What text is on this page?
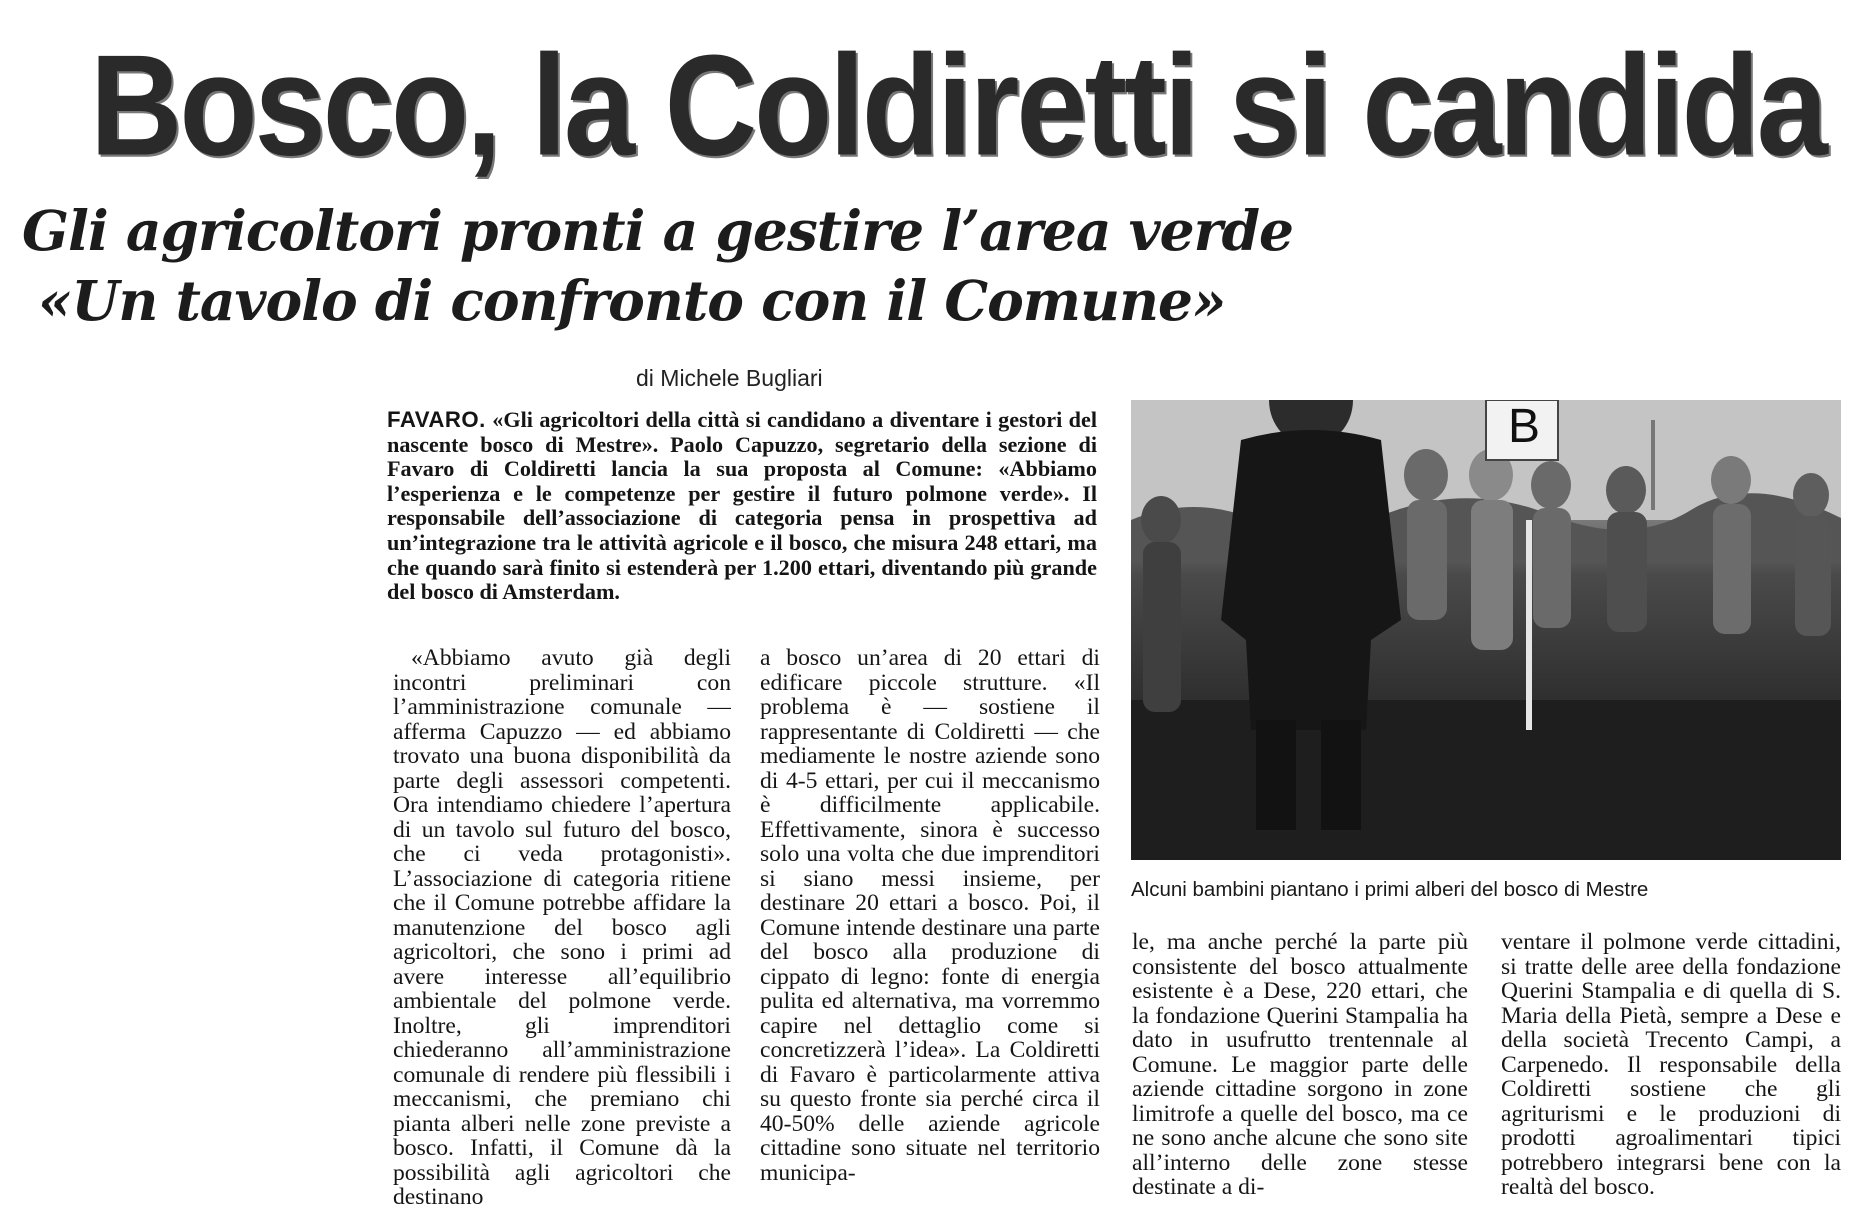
Bosco, la Coldiretti si candida
Gli agricoltori pronti a gestire l’area verde
«Un tavolo di confronto con il Comune»

di Michele Bugliari

FAVARO. «Gli agricoltori della città si candidano a diventare i gestori del nascente bosco di Mestre». Paolo Capuzzo, segretario della sezione di Favaro di Coldiretti lancia la sua proposta al Comune: «Abbiamo l’esperienza e le competenze per gestire il futuro polmone verde». Il responsabile dell’associazione di categoria pensa in prospettiva ad un’integrazione tra le attività agricole e il bosco, che misura 248 ettari, ma che quando sarà finito si estenderà per 1.200 ettari, diventando più grande del bosco di Amsterdam.

«Abbiamo avuto già degli incontri preliminari con l’amministrazione comunale — afferma Capuzzo — ed abbiamo trovato una buona disponibilità da parte degli assessori competenti. Ora intendiamo chiedere l’apertura di un tavolo sul futuro del bosco, che ci veda protagonisti». L’associazione di categoria ritiene che il Comune potrebbe affidare la manutenzione del bosco agli agricoltori, che sono i primi ad avere interesse all’equilibrio ambientale del polmone verde. Inoltre, gli imprenditori chiederanno all’amministrazione comunale di rendere più flessibili i meccanismi, che premiano chi pianta alberi nelle zone previste a bosco. Infatti, il Comune dà la possibilità agli agricoltori che destinano

a bosco un’area di 20 ettari di edificare piccole strutture. «Il problema è — sostiene il rappresentante di Coldiretti — che mediamente le nostre aziende sono di 4-5 ettari, per cui il meccanismo è difficilmente applicabile. Effettivamente, sinora è successo solo una volta che due imprenditori si siano messi insieme, per destinare 20 ettari a bosco. Poi, il Comune intende destinare una parte del bosco alla produzione di cippato di legno: fonte di energia pulita ed alternativa, ma vorremmo capire nel dettaglio come si concretizzerà l’idea». La Coldiretti di Favaro è particolarmente attiva su questo fronte sia perché circa il 40-50% delle aziende agricole cittadine sono situate nel territorio municipa-

B

Alcuni bambini piantano i primi alberi del bosco di Mestre

le, ma anche perché la parte più consistente del bosco attualmente esistente è a Dese, 220 ettari, che la fondazione Querini Stampalia ha dato in usufrutto trentennale al Comune. Le maggior parte delle aziende cittadine sorgono in zone limitrofe a quelle del bosco, ma ce ne sono anche alcune che sono site all’interno delle zone stesse destinate a di-

ventare il polmone verde cittadini, si tratte delle aree della fondazione Querini Stampalia e di quella di S. Maria della Pietà, sempre a Dese e della società Trecento Campi, a Carpenedo. Il responsabile della Coldiretti sostiene che gli agriturismi e le produzioni di prodotti agroalimentari tipici potrebbero integrarsi bene con la realtà del bosco.
